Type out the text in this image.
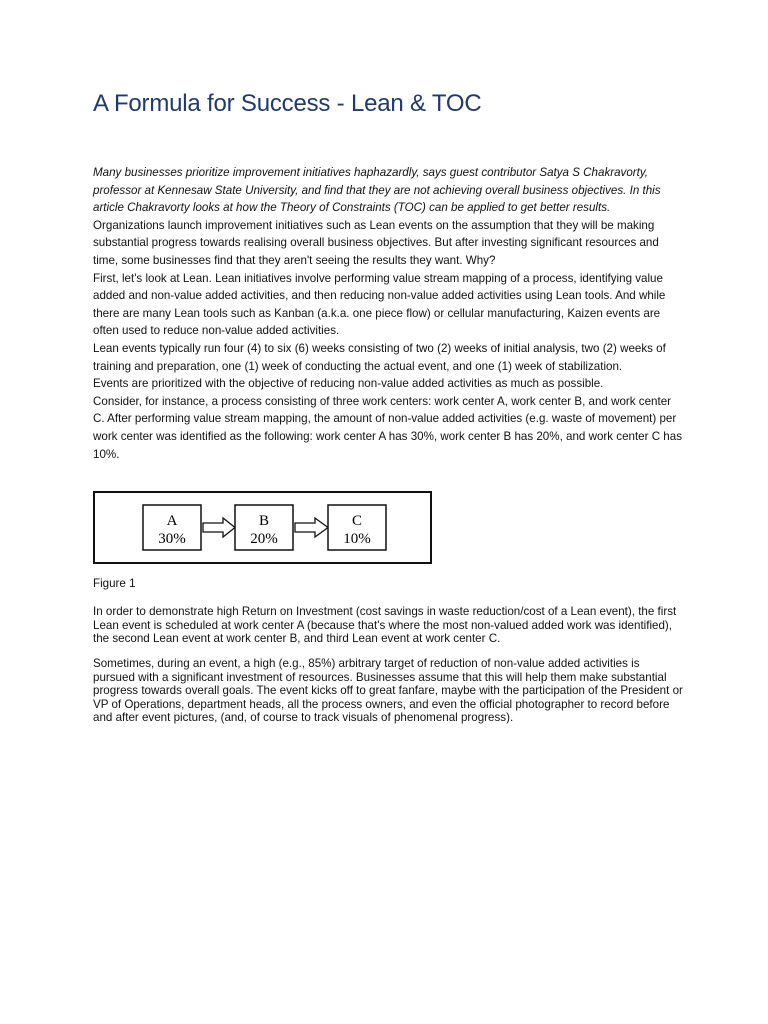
A Formula for Success - Lean & TOC

Many businesses prioritize improvement initiatives haphazardly, says guest contributor Satya S Chakravorty, professor at Kennesaw State University, and find that they are not achieving overall business objectives. In this article Chakravorty looks at how the Theory of Constraints (TOC) can be applied to get better results.

Organizations launch improvement initiatives such as Lean events on the assumption that they will be making substantial progress towards realising overall business objectives. But after investing significant resources and time, some businesses find that they aren't seeing the results they want. Why?

First, let's look at Lean. Lean initiatives involve performing value stream mapping of a process, identifying value added and non-value added activities, and then reducing non-value added activities using Lean tools. And while there are many Lean tools such as Kanban (a.k.a. one piece flow) or cellular manufacturing, Kaizen events are often used to reduce non-value added activities.

Lean events typically run four (4) to six (6) weeks consisting of two (2) weeks of initial analysis, two (2) weeks of training and preparation, one (1) week of conducting the actual event, and one (1) week of stabilization.

Events are prioritized with the objective of reducing non-value added activities as much as possible.

Consider, for instance, a process consisting of three work centers: work center A, work center B, and work center C. After performing value stream mapping, the amount of non-value added activities (e.g. waste of movement) per work center was identified as the following: work center A has 30%, work center B has 20%, and work center C has 10%.

A
30%
B
20%
C
10%
Figure 1

In order to demonstrate high Return on Investment (cost savings in waste reduction/cost of a Lean event), the first Lean event is scheduled at work center A (because that's where the most non-valued added work was identified), the second Lean event at work center B, and third Lean event at work center C.

Sometimes, during an event, a high (e.g., 85%) arbitrary target of reduction of non-value added activities is pursued with a significant investment of resources. Businesses assume that this will help them make substantial progress towards overall goals. The event kicks off to great fanfare, maybe with the participation of the President or VP of Operations, department heads, all the process owners, and even the official photographer to record before and after event pictures, (and, of course to track visuals of phenomenal progress).
